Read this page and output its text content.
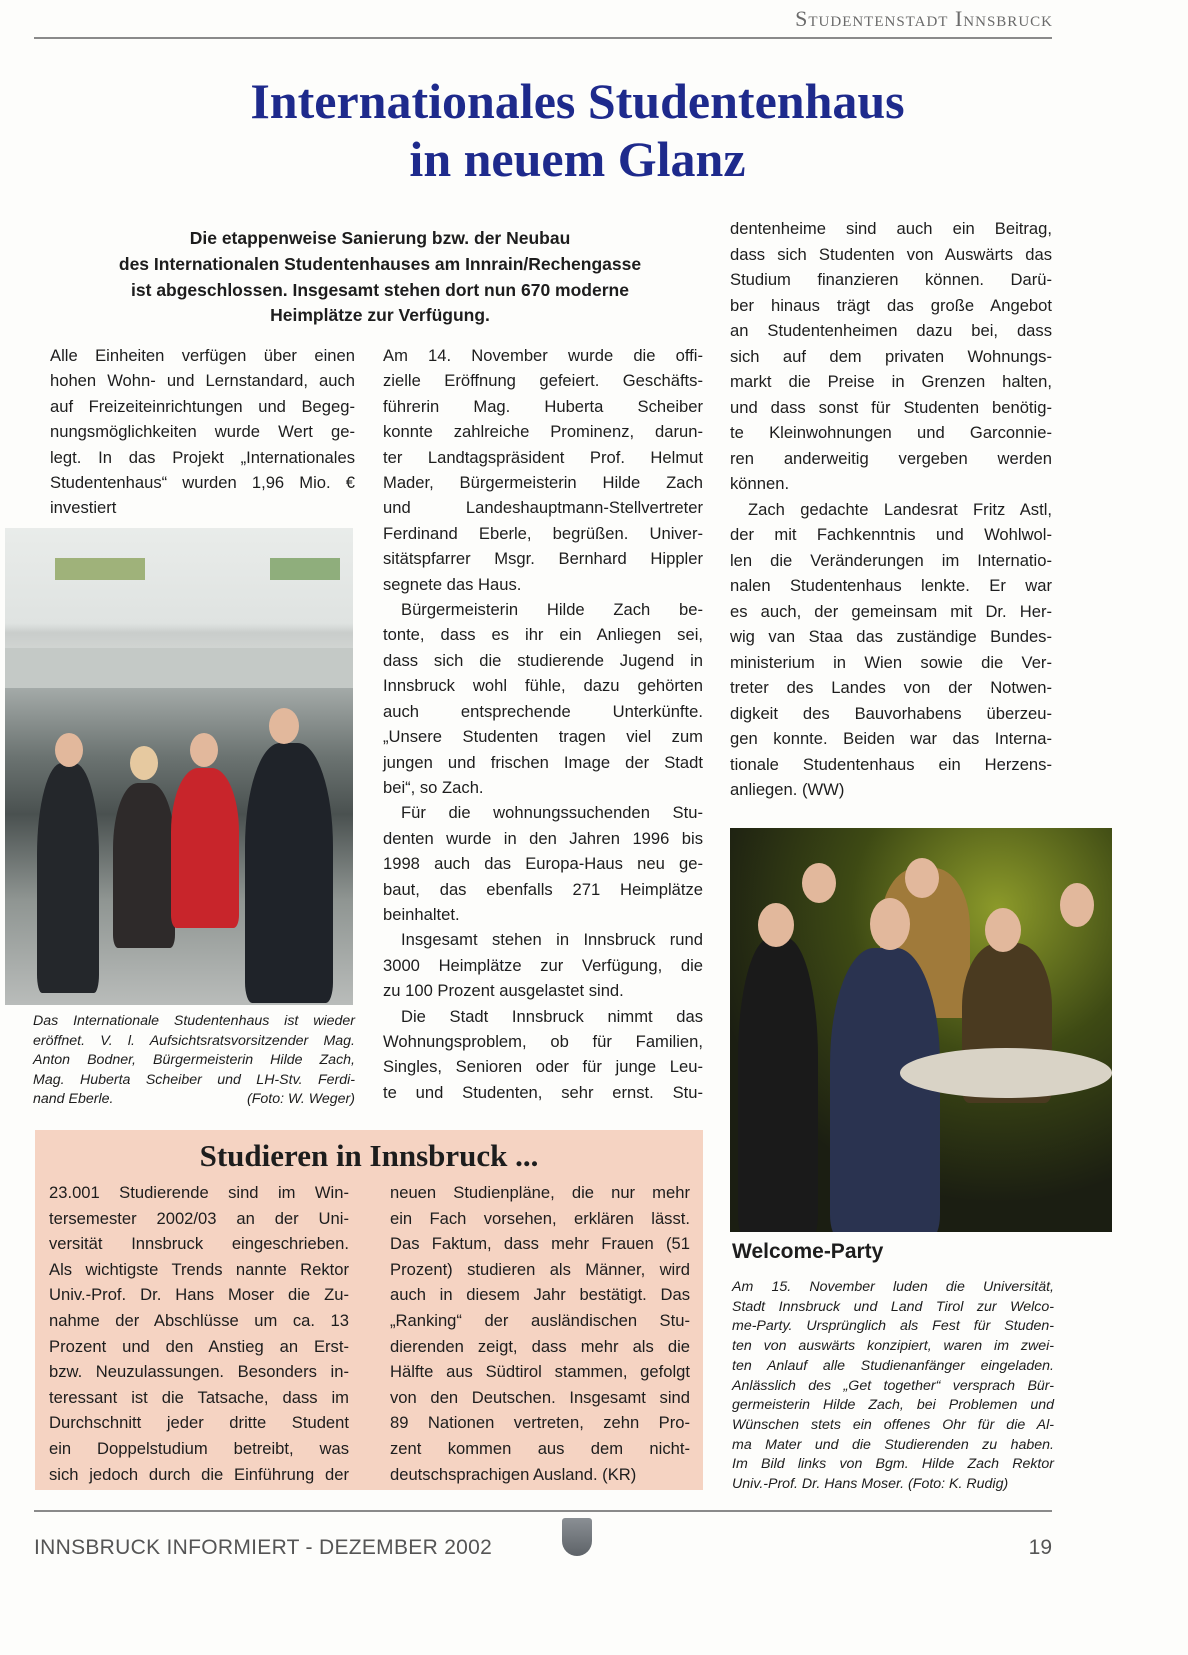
Studentenstadt Innsbruck
Internationales Studentenhaus
in neuem Glanz
Die etappenweise Sanierung bzw. der Neubau
des Internationalen Studentenhauses am Innrain/Rechengasse
ist abgeschlossen. Insgesamt stehen dort nun 670 moderne
Heimplätze zur Verfügung.
Alle Einheiten verfügen über einen
hohen Wohn- und Lernstandard, auch
auf Freizeiteinrichtungen und Begeg-
nungsmöglichkeiten wurde Wert ge-
legt. In das Projekt „Internationales
Studentenhaus“ wurden 1,96 Mio. €
investiert
Am 14. November wurde die offi-
zielle Eröffnung gefeiert. Geschäfts-
führerin Mag. Huberta Scheiber
konnte zahlreiche Prominenz, darun-
ter Landtagspräsident Prof. Helmut
Mader, Bürgermeisterin Hilde Zach
und Landeshauptmann-Stellvertreter
Ferdinand Eberle, begrüßen. Univer-
sitätspfarrer Msgr. Bernhard Hippler
segnete das Haus.
Bürgermeisterin Hilde Zach be-
tonte, dass es ihr ein Anliegen sei,
dass sich die studierende Jugend in
Innsbruck wohl fühle, dazu gehörten
auch entsprechende Unterkünfte.
„Unsere Studenten tragen viel zum
jungen und frischen Image der Stadt
bei“, so Zach.
Für die wohnungssuchenden Stu-
denten wurde in den Jahren 1996 bis
1998 auch das Europa-Haus neu ge-
baut, das ebenfalls 271 Heimplätze
beinhaltet.
Insgesamt stehen in Innsbruck rund
3000 Heimplätze zur Verfügung, die
zu 100 Prozent ausgelastet sind.
Die Stadt Innsbruck nimmt das
Wohnungsproblem, ob für Familien,
Singles, Senioren oder für junge Leu-
te und Studenten, sehr ernst. Stu-
dentenheime sind auch ein Beitrag,
dass sich Studenten von Auswärts das
Studium finanzieren können. Darü-
ber hinaus trägt das große Angebot
an Studentenheimen dazu bei, dass
sich auf dem privaten Wohnungs-
markt die Preise in Grenzen halten,
und dass sonst für Studenten benötig-
te Kleinwohnungen und Garconnie-
ren anderweitig vergeben werden
können.
Zach gedachte Landesrat Fritz Astl,
der mit Fachkenntnis und Wohlwol-
len die Veränderungen im Internatio-
nalen Studentenhaus lenkte. Er war
es auch, der gemeinsam mit Dr. Her-
wig van Staa das zuständige Bundes-
ministerium in Wien sowie die Ver-
treter des Landes von der Notwen-
digkeit des Bauvorhabens überzeu-
gen konnte. Beiden war das Interna-
tionale Studentenhaus ein Herzens-
anliegen. (WW)
Das Internationale Studentenhaus ist wieder
eröffnet. V. l. Aufsichtsratsvorsitzender Mag.
Anton Bodner, Bürgermeisterin Hilde Zach,
Mag. Huberta Scheiber und LH-Stv. Ferdi-
nand Eberle.	(Foto: W. Weger)
Studieren in Innsbruck ...
23.001 Studierende sind im Win-
tersemester 2002/03 an der Uni-
versität Innsbruck eingeschrieben.
Als wichtigste Trends nannte Rektor
Univ.-Prof. Dr. Hans Moser die Zu-
nahme der Abschlüsse um ca. 13
Prozent und den Anstieg an Erst-
bzw. Neuzulassungen. Besonders in-
teressant ist die Tatsache, dass im
Durchschnitt jeder dritte Student
ein Doppelstudium betreibt, was
sich jedoch durch die Einführung der
neuen Studienpläne, die nur mehr
ein Fach vorsehen, erklären lässt.
Das Faktum, dass mehr Frauen (51
Prozent) studieren als Männer, wird
auch in diesem Jahr bestätigt. Das
„Ranking“ der ausländischen Stu-
dierenden zeigt, dass mehr als die
Hälfte aus Südtirol stammen, gefolgt
von den Deutschen. Insgesamt sind
89 Nationen vertreten, zehn Pro-
zent kommen aus dem nicht-
deutschsprachigen Ausland. (KR)
Welcome-Party
Am 15. November luden die Universität,
Stadt Innsbruck und Land Tirol zur Welco-
me-Party. Ursprünglich als Fest für Studen-
ten von auswärts konzipiert, waren im zwei-
ten Anlauf alle Studienanfänger eingeladen.
Anlässlich des „Get together“ versprach Bür-
germeisterin Hilde Zach, bei Problemen und
Wünschen stets ein offenes Ohr für die Al-
ma Mater und die Studierenden zu haben.
Im Bild links von Bgm. Hilde Zach Rektor
Univ.-Prof. Dr. Hans Moser. (Foto: K. Rudig)
INNSBRUCK INFORMIERT - DEZEMBER 2002	19
